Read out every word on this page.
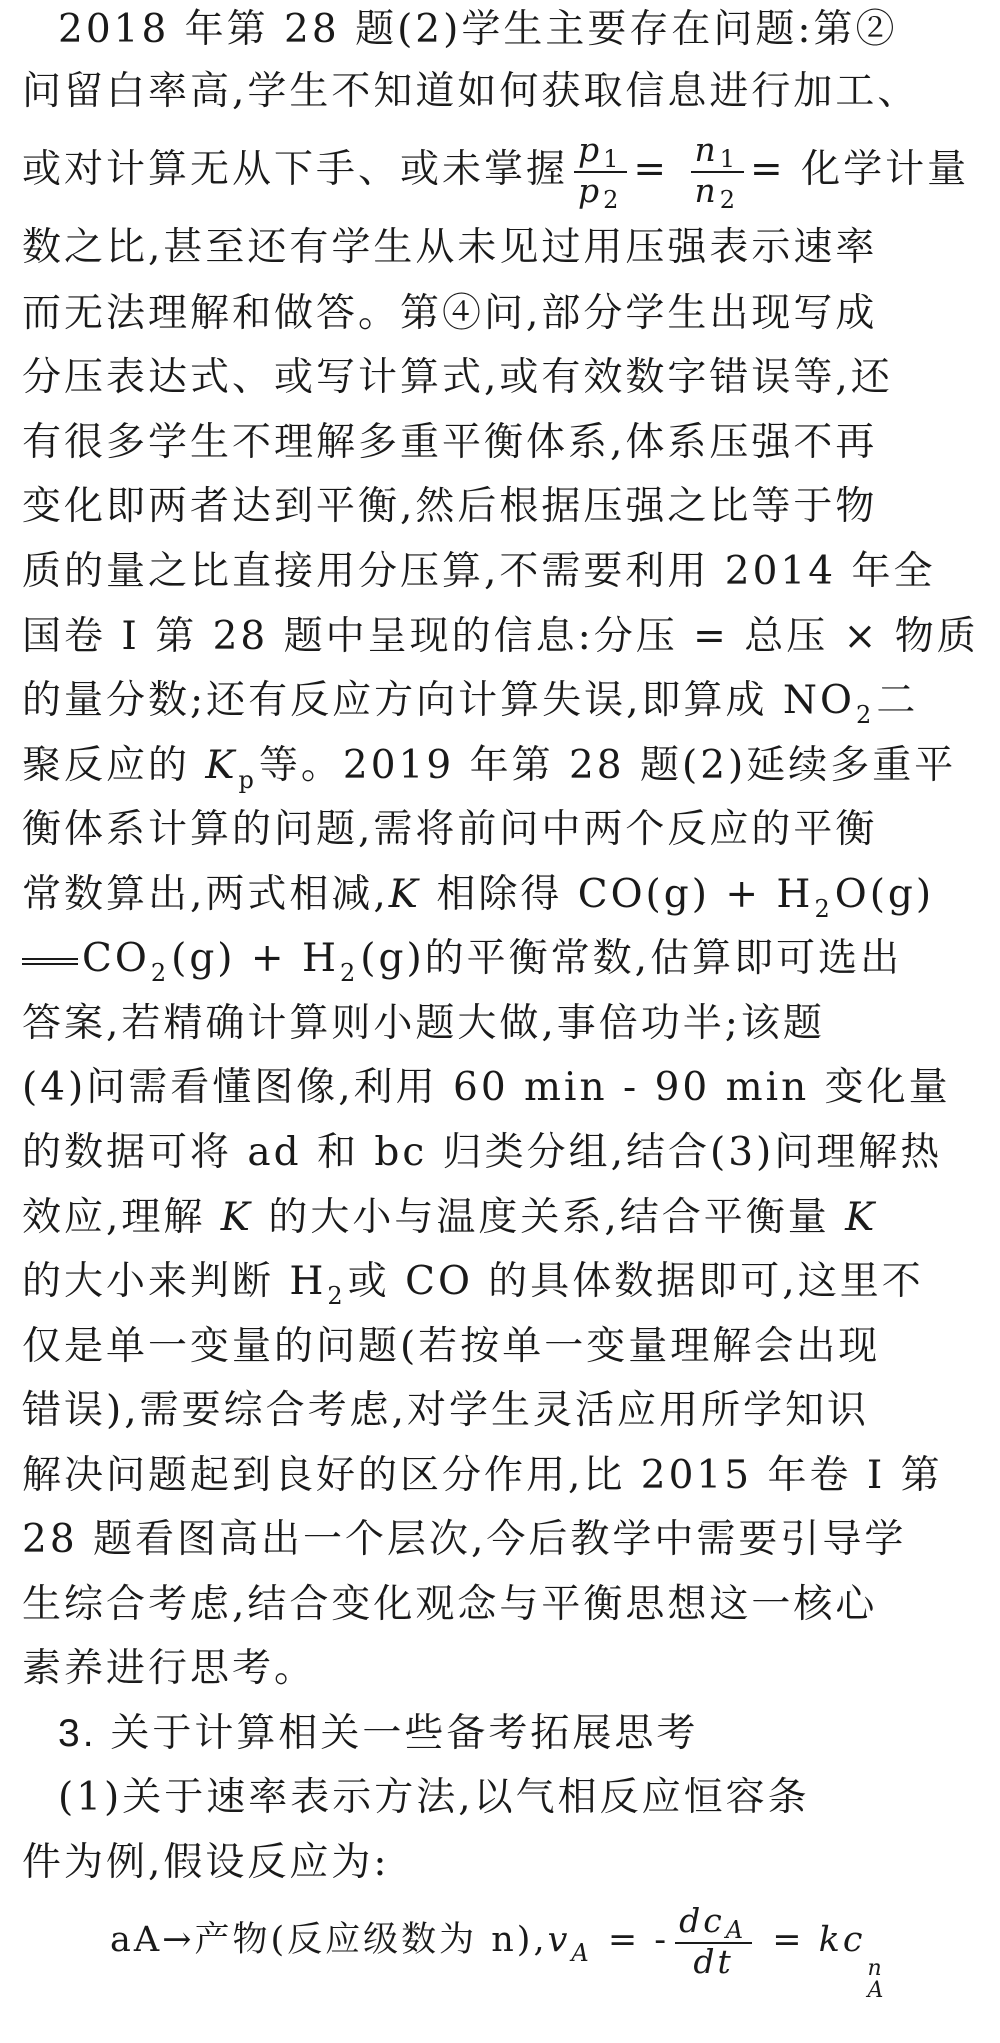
2018 年第 28 题(2)学生主要存在问题:第②
问留白率高,学生不知道如何获取信息进行加工、
或对计算无从下手、或未掌握 $\frac{p1}{p2} = \frac{n1}{n2}$ = 化学计量
数之比,甚至还有学生从未见过用压强表示速率
而无法理解和做答。第④问,部分学生出现写成
分压表达式、或写计算式,或有效数字错误等,还
有很多学生不理解多重平衡体系,体系压强不再
变化即两者达到平衡,然后根据压强之比等于物
质的量之比直接用分压算,不需要利用 2014 年全
国卷 I 第 28 题中呈现的信息:分压 = 总压 × 物质
的量分数;还有反应方向计算失误,即算成 $NO_2$二
聚反应的 $K_p$等。2019 年第 28 题(2)延续多重平
衡体系计算的问题,需将前问中两个反应的平衡
常数算出,两式相减,K 相除得 $CO(g) + H_2O(g)$
$CO_2(g) + H_2(g)$的平衡常数,估算即可选出
答案,若精确计算则小题大做,事倍功半;该题
(4)问需看懂图像,利用 60 min - 90 min 变化量
的数据可将 ad 和 bc 归类分组,结合(3)问理解热
效应,理解 K 的大小与温度关系,结合平衡量 K
的大小来判断 $H_2$或 CO 的具体数据即可,这里不
仅是单一变量的问题(若按单一变量理解会出现
错误),需要综合考虑,对学生灵活应用所学知识
解决问题起到良好的区分作用,比 2015 年卷 I 第
28 题看图高出一个层次,今后教学中需要引导学
生综合考虑,结合变化观念与平衡思想这一核心
素养进行思考。
3. 关于计算相关一些备考拓展思考
(1)关于速率表示方法,以气相反应恒容条
件为例,假设反应为:
aA→产物(反应级数为 $n),v_A$ = - $\frac{\text{dcA}}{dt}$ = kc
n
A
